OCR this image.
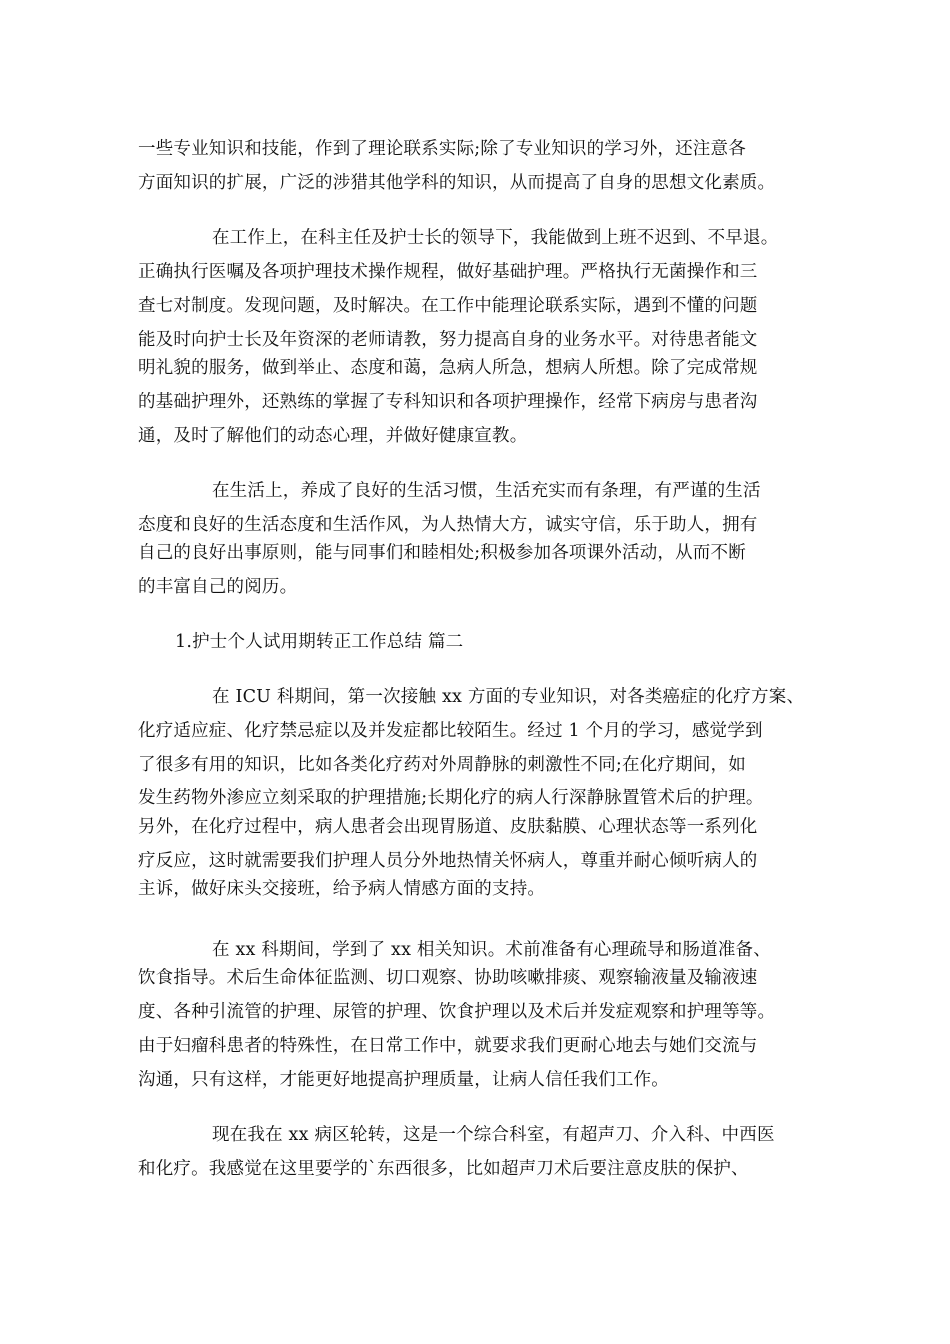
一些专业知识和技能，作到了理论联系实际;除了专业知识的学习外，还注意各
方面知识的扩展，广泛的涉猎其他学科的知识，从而提高了自身的思想文化素质。
在工作上，在科主任及护士长的领导下，我能做到上班不迟到、不早退。
正确执行医嘱及各项护理技术操作规程，做好基础护理。严格执行无菌操作和三
查七对制度。发现问题，及时解决。在工作中能理论联系实际，遇到不懂的问题
能及时向护士长及年资深的老师请教，努力提高自身的业务水平。对待患者能文
明礼貌的服务，做到举止、态度和蔼，急病人所急，想病人所想。除了完成常规
的基础护理外，还熟练的掌握了专科知识和各项护理操作，经常下病房与患者沟
通，及时了解他们的动态心理，并做好健康宣教。
在生活上，养成了良好的生活习惯，生活充实而有条理，有严谨的生活
态度和良好的生活态度和生活作风，为人热情大方，诚实守信，乐于助人，拥有
自己的良好出事原则，能与同事们和睦相处;积极参加各项课外活动，从而不断
的丰富自己的阅历。
1.护士个人试用期转正工作总结 篇二
在 ICU 科期间，第一次接触 xx 方面的专业知识，对各类癌症的化疗方案、
化疗适应症、化疗禁忌症以及并发症都比较陌生。经过 1 个月的学习，感觉学到
了很多有用的知识，比如各类化疗药对外周静脉的刺激性不同;在化疗期间，如
发生药物外渗应立刻采取的护理措施;长期化疗的病人行深静脉置管术后的护理。
另外，在化疗过程中，病人患者会出现胃肠道、皮肤黏膜、心理状态等一系列化
疗反应，这时就需要我们护理人员分外地热情关怀病人，尊重并耐心倾听病人的
主诉，做好床头交接班，给予病人情感方面的支持。
在 xx 科期间，学到了 xx 相关知识。术前准备有心理疏导和肠道准备、
饮食指导。术后生命体征监测、切口观察、协助咳嗽排痰、观察输液量及输液速
度、各种引流管的护理、尿管的护理、饮食护理以及术后并发症观察和护理等等。
由于妇瘤科患者的特殊性，在日常工作中，就要求我们更耐心地去与她们交流与
沟通，只有这样，才能更好地提高护理质量，让病人信任我们工作。
现在我在 xx 病区轮转，这是一个综合科室，有超声刀、介入科、中西医
和化疗。我感觉在这里要学的`东西很多，比如超声刀术后要注意皮肤的保护、
